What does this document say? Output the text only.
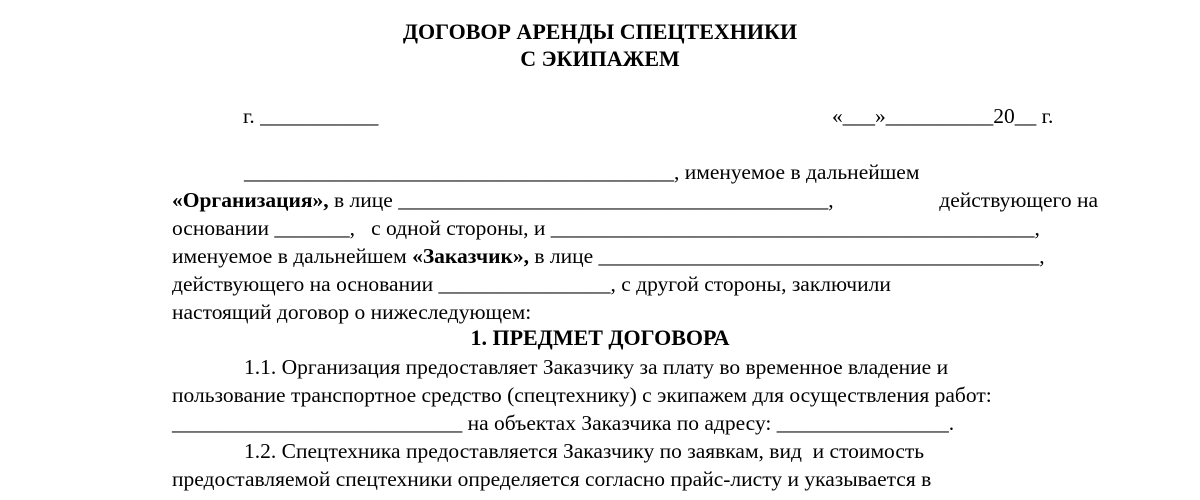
ДОГОВОР АРЕНДЫ СПЕЦТЕХНИКИ
С ЭКИПАЖЕМ
г. ___________	«___»__________20__ г.
________________________________________, именуемое в дальнейшем
«Организация», в лице ________________________________________,	действующего на
основании _______,   с одной стороны, и _____________________________________________,
именуемое в дальнейшем «Заказчик», в лице _________________________________________,
действующего на основании ________________, с другой стороны, заключили
настоящий договор о нижеследующем:
1. ПРЕДМЕТ ДОГОВОРА
1.1. Организация предоставляет Заказчику за плату во временное владение и
пользование транспортное средство (спецтехнику) с экипажем для осуществления работ:
___________________________ на объектах Заказчика по адресу: ________________.
1.2. Спецтехника предоставляется Заказчику по заявкам, вид  и стоимость
предоставляемой спецтехники определяется согласно прайс-листу и указывается в
